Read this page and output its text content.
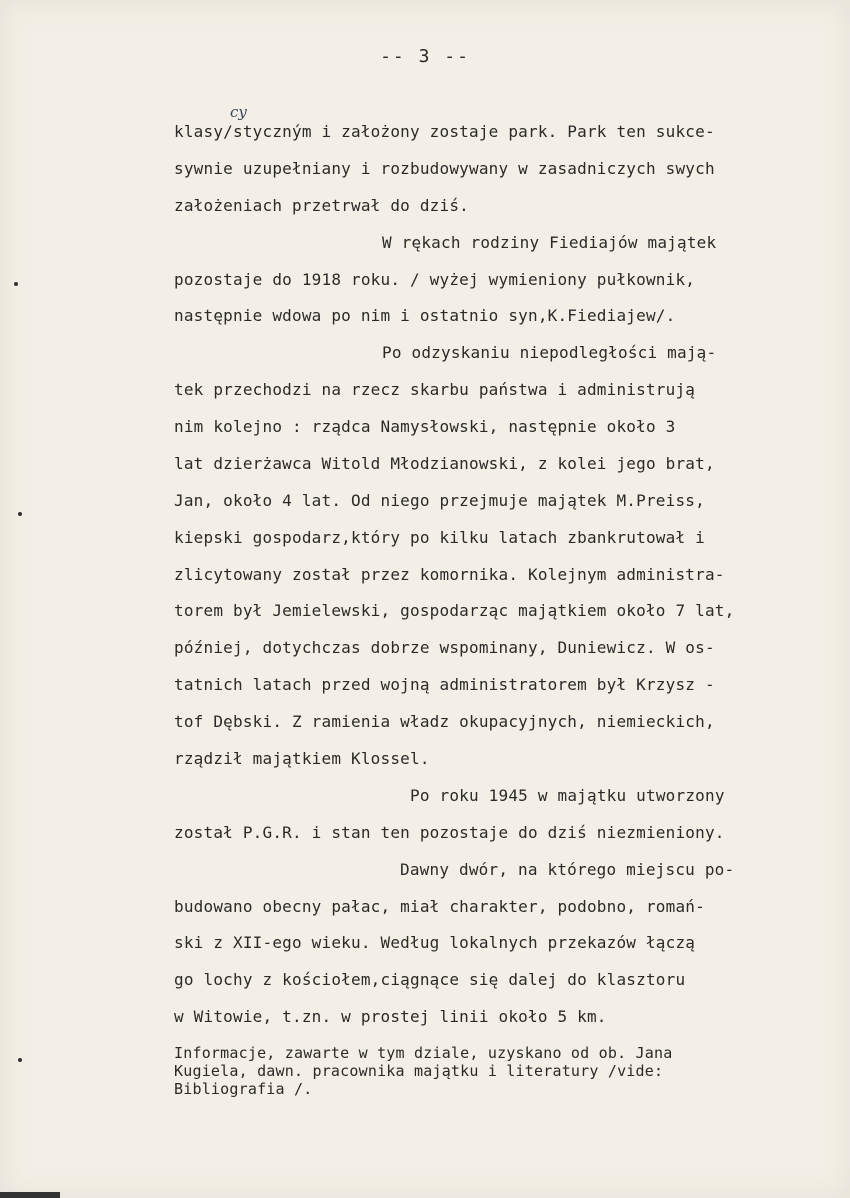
-- 3 --
cy
klasy/styczným i założony zostaje park. Park ten sukce-
sywnie uzupełniany i rozbudowywany w zasadniczych swych
założeniach przetrwał do dziś.
W rękach rodziny Fiediajów majątek
pozostaje do 1918 roku. / wyżej wymieniony pułkownik,
następnie wdowa po nim i ostatnio syn,K.Fiediajew/.
Po odzyskaniu niepodległości mają-
tek przechodzi na rzecz skarbu państwa i administrują
nim kolejno : rządca Namysłowski, następnie około 3
lat dzierżawca Witold Młodzianowski, z kolei jego brat,
Jan, około 4 lat. Od niego przejmuje majątek M.Preiss,
kiepski gospodarz,który po kilku latach zbankrutował i
zlicytowany został przez komornika. Kolejnym administra-
torem był Jemielewski, gospodarząc majątkiem około 7 lat,
później, dotychczas dobrze wspominany, Duniewicz. W os-
tatnich latach przed wojną administratorem był Krzysz -
tof Dębski. Z ramienia władz okupacyjnych, niemieckich,
rządził majątkiem Klossel.
Po roku 1945 w majątku utworzony
został P.G.R. i stan ten pozostaje do dziś niezmieniony.
Dawny dwór, na którego miejscu po-
budowano obecny pałac, miał charakter, podobno, romań-
ski z XII-ego wieku. Według lokalnych przekazów łączą
go lochy z kościołem,ciągnące się dalej do klasztoru
w Witowie, t.zn. w prostej linii około 5 km.
Informacje, zawarte w tym dziale, uzyskano od ob. Jana
Kugiela, dawn. pracownika majątku i literatury /vide:
Bibliografia /.
